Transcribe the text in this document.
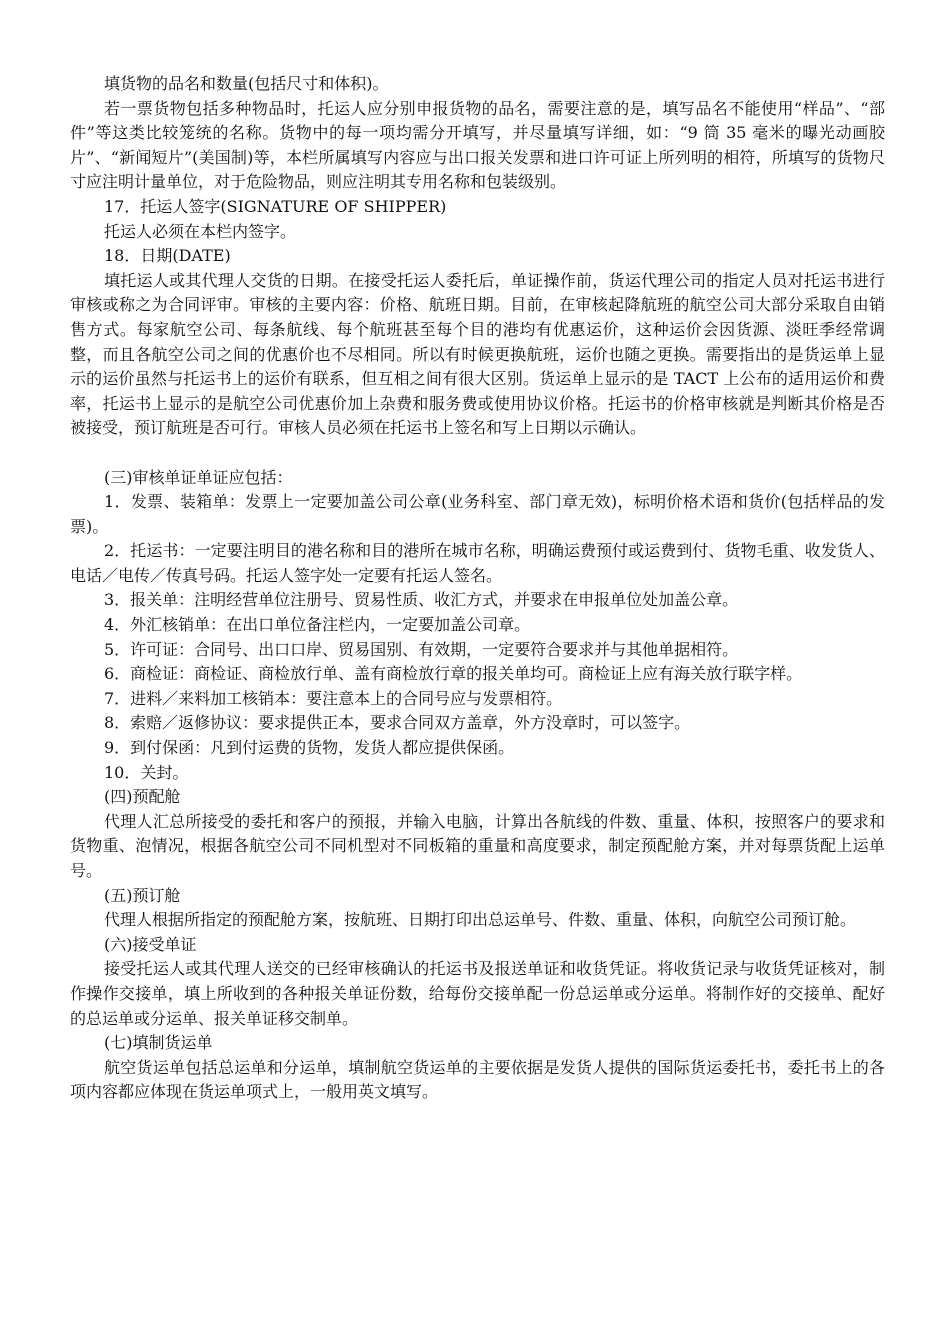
填货物的品名和数量(包括尺寸和体积)。

若一票货物包括多种物品时，托运人应分别申报货物的品名，需要注意的是，填写品名不能使用“样品”、“部件”等这类比较笼统的名称。货物中的每一项均需分开填写，并尽量填写详细，如：“9 筒 35 毫米的曝光动画胶片”、“新闻短片”(美国制)等，本栏所属填写内容应与出口报关发票和进口许可证上所列明的相符，所填写的货物尺寸应注明计量单位，对于危险物品，则应注明其专用名称和包装级别。

17．托运人签字(SIGNATURE OF SHIPPER)

托运人必须在本栏内签字。

18．日期(DATE)

填托运人或其代理人交货的日期。在接受托运人委托后，单证操作前，货运代理公司的指定人员对托运书进行审核或称之为合同评审。审核的主要内容：价格、航班日期。目前，在审核起降航班的航空公司大部分采取自由销售方式。每家航空公司、每条航线、每个航班甚至每个目的港均有优惠运价，这种运价会因货源、淡旺季经常调整，而且各航空公司之间的优惠价也不尽相同。所以有时候更换航班，运价也随之更换。需要指出的是货运单上显示的运价虽然与托运书上的运价有联系，但互相之间有很大区别。货运单上显示的是 TACT 上公布的适用运价和费率，托运书上显示的是航空公司优惠价加上杂费和服务费或使用协议价格。托运书的价格审核就是判断其价格是否被接受，预订航班是否可行。审核人员必须在托运书上签名和写上日期以示确认。

(三)审核单证单证应包括：

1．发票、装箱单：发票上一定要加盖公司公章(业务科室、部门章无效)，标明价格术语和货价(包括样品的发票)。

2．托运书：一定要注明目的港名称和目的港所在城市名称，明确运费预付或运费到付、货物毛重、收发货人、电话／电传／传真号码。托运人签字处一定要有托运人签名。

3．报关单：注明经营单位注册号、贸易性质、收汇方式，并要求在申报单位处加盖公章。

4．外汇核销单：在出口单位备注栏内，一定要加盖公司章。

5．许可证：合同号、出口口岸、贸易国别、有效期，一定要符合要求并与其他单据相符。

6．商检证：商检证、商检放行单、盖有商检放行章的报关单均可。商检证上应有海关放行联字样。

7．进料／来料加工核销本：要注意本上的合同号应与发票相符。

8．索赔／返修协议：要求提供正本，要求合同双方盖章，外方没章时，可以签字。

9．到付保函：凡到付运费的货物，发货人都应提供保函。

10．关封。

(四)预配舱

代理人汇总所接受的委托和客户的预报，并输入电脑，计算出各航线的件数、重量、体积，按照客户的要求和货物重、泡情况，根据各航空公司不同机型对不同板箱的重量和高度要求，制定预配舱方案，并对每票货配上运单号。

(五)预订舱

代理人根据所指定的预配舱方案，按航班、日期打印出总运单号、件数、重量、体积，向航空公司预订舱。

(六)接受单证

接受托运人或其代理人送交的已经审核确认的托运书及报送单证和收货凭证。将收货记录与收货凭证核对，制作操作交接单，填上所收到的各种报关单证份数，给每份交接单配一份总运单或分运单。将制作好的交接单、配好的总运单或分运单、报关单证移交制单。

(七)填制货运单

航空货运单包括总运单和分运单，填制航空货运单的主要依据是发货人提供的国际货运委托书，委托书上的各项内容都应体现在货运单项式上，一般用英文填写。
